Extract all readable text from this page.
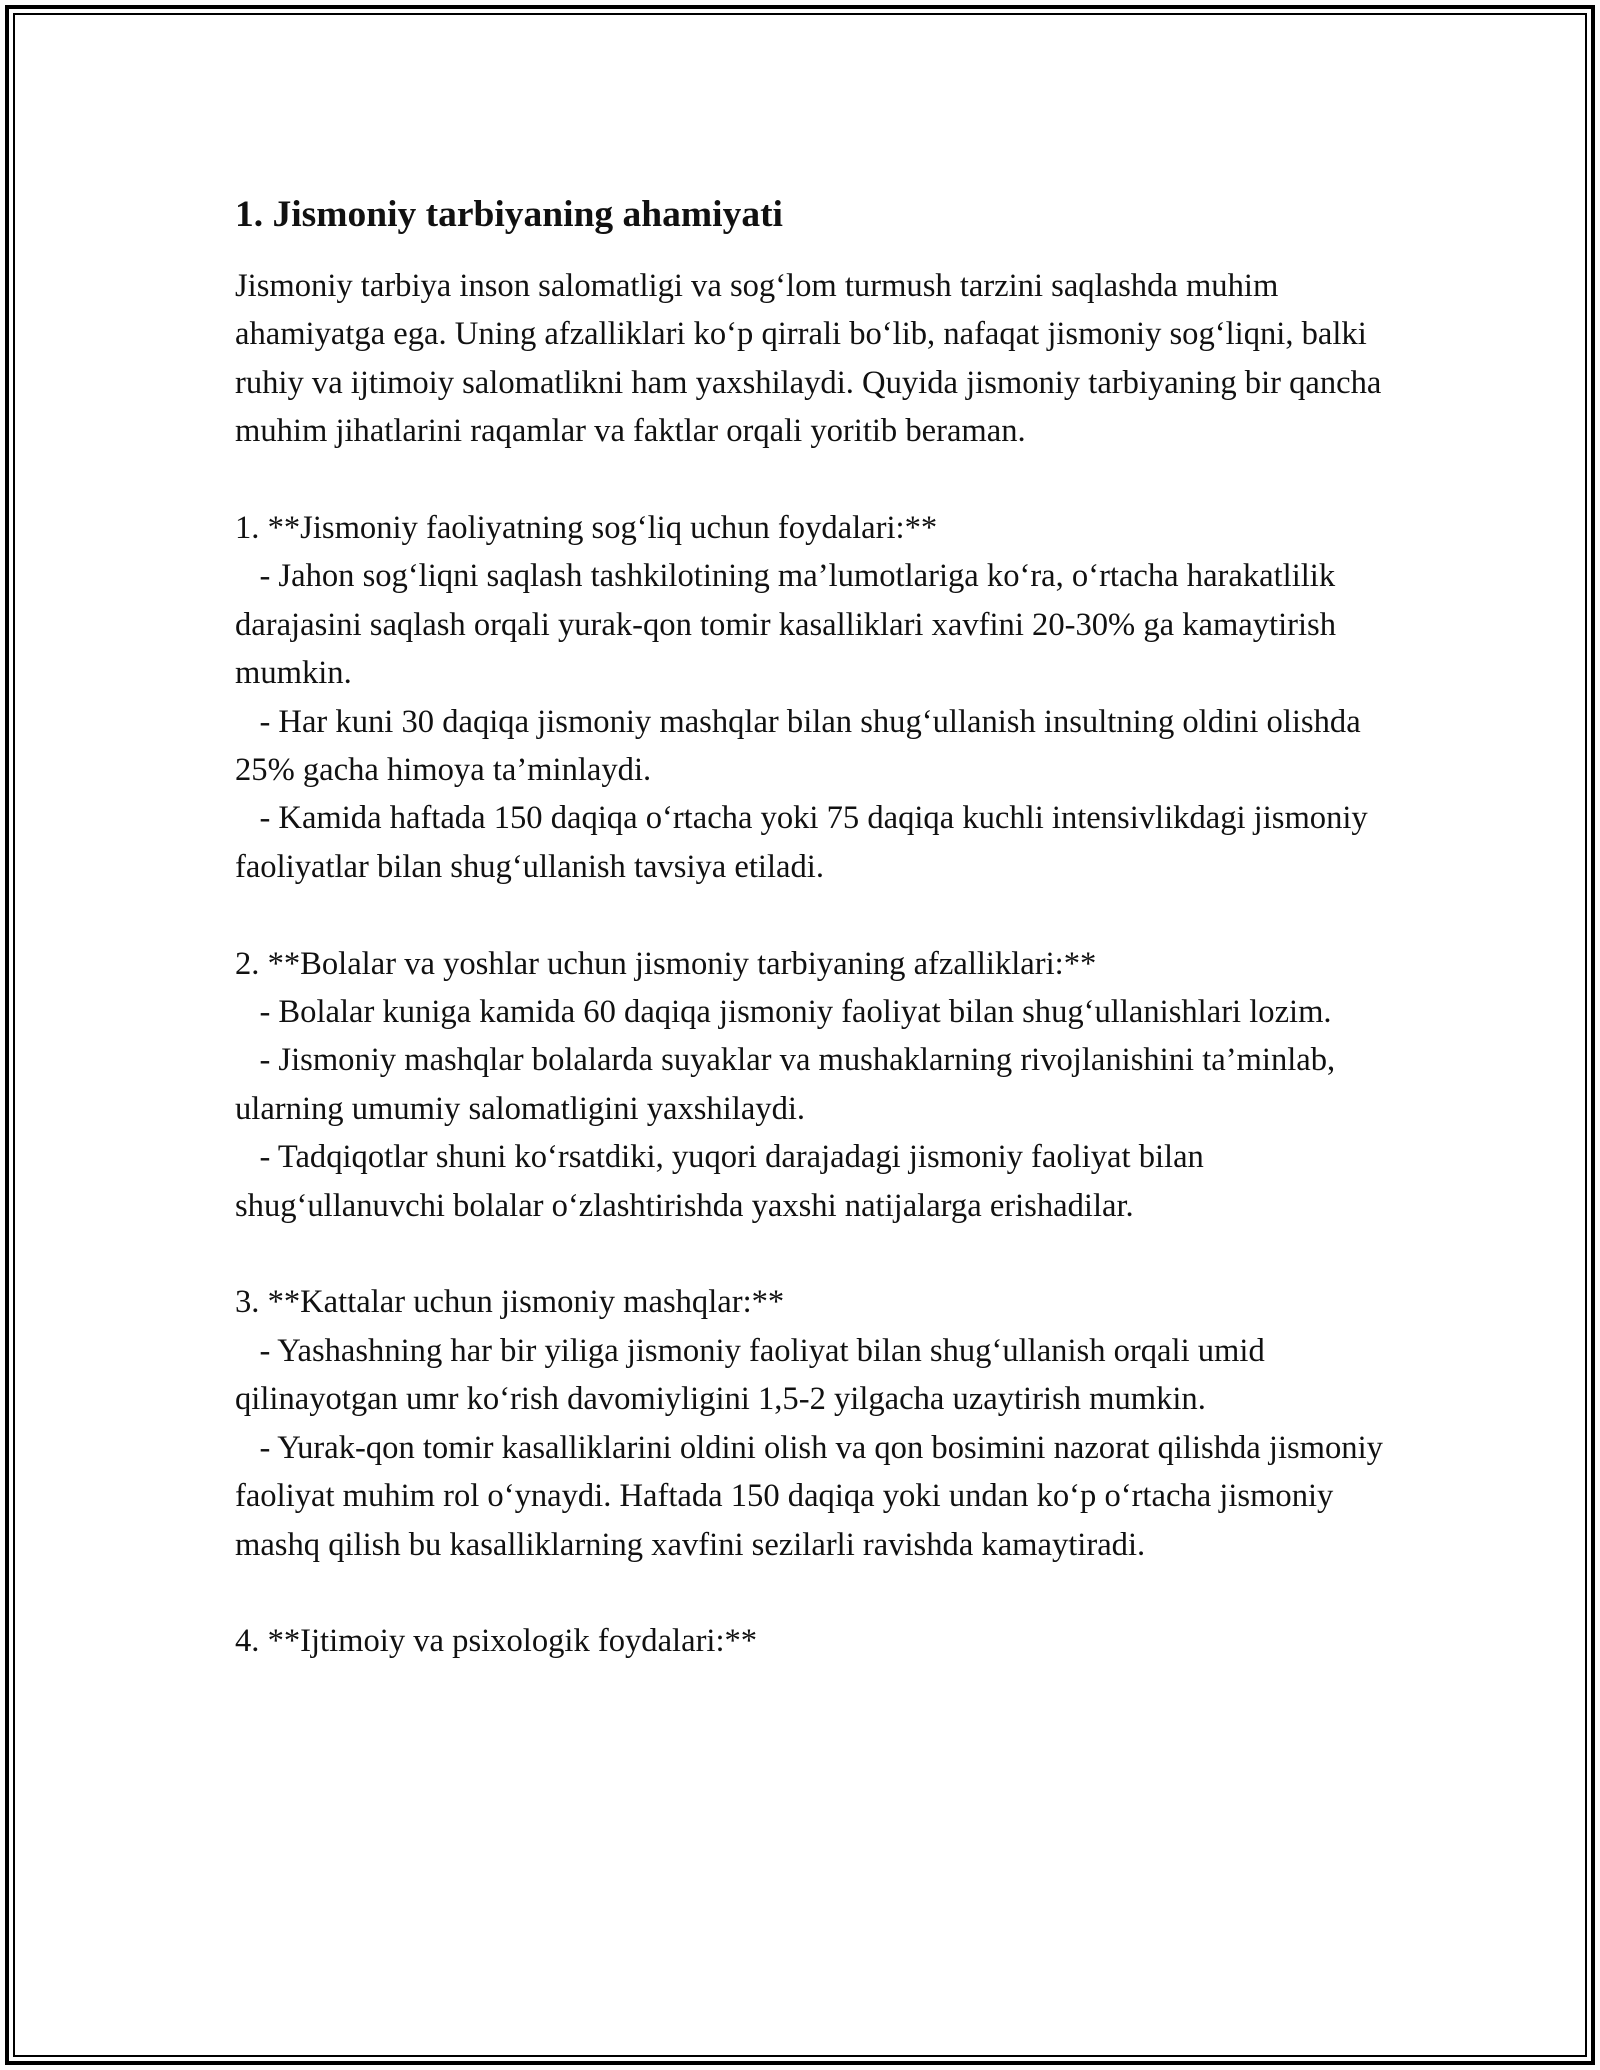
1. Jismoniy tarbiyaning ahamiyati

Jismoniy tarbiya inson salomatligi va sog‘lom turmush tarzini saqlashda muhim ahamiyatga ega. Uning afzalliklari ko‘p qirrali bo‘lib, nafaqat jismoniy sog‘liqni, balki ruhiy va ijtimoiy salomatlikni ham yaxshilaydi. Quyida jismoniy tarbiyaning bir qancha muhim jihatlarini raqamlar va faktlar orqali yoritib beraman.

1. **Jismoniy faoliyatning sog‘liq uchun foydalari:**

- Jahon sog‘liqni saqlash tashkilotining ma’lumotlariga ko‘ra, o‘rtacha harakatlilik darajasini saqlash orqali yurak-qon tomir kasalliklari xavfini 20-30% ga kamaytirish mumkin.

- Har kuni 30 daqiqa jismoniy mashqlar bilan shug‘ullanish insultning oldini olishda 25% gacha himoya ta’minlaydi.

- Kamida haftada 150 daqiqa o‘rtacha yoki 75 daqiqa kuchli intensivlikdagi jismoniy faoliyatlar bilan shug‘ullanish tavsiya etiladi.

2. **Bolalar va yoshlar uchun jismoniy tarbiyaning afzalliklari:**

- Bolalar kuniga kamida 60 daqiqa jismoniy faoliyat bilan shug‘ullanishlari lozim.

- Jismoniy mashqlar bolalarda suyaklar va mushaklarning rivojlanishini ta’minlab, ularning umumiy salomatligini yaxshilaydi.

- Tadqiqotlar shuni ko‘rsatdiki, yuqori darajadagi jismoniy faoliyat bilan shug‘ullanuvchi bolalar o‘zlashtirishda yaxshi natijalarga erishadilar.

3. **Kattalar uchun jismoniy mashqlar:**

- Yashashning har bir yiliga jismoniy faoliyat bilan shug‘ullanish orqali umid qilinayotgan umr ko‘rish davomiyligini 1,5-2 yilgacha uzaytirish mumkin.

- Yurak-qon tomir kasalliklarini oldini olish va qon bosimini nazorat qilishda jismoniy faoliyat muhim rol o‘ynaydi. Haftada 150 daqiqa yoki undan ko‘p o‘rtacha jismoniy mashq qilish bu kasalliklarning xavfini sezilarli ravishda kamaytiradi.

4. **Ijtimoiy va psixologik foydalari:**
